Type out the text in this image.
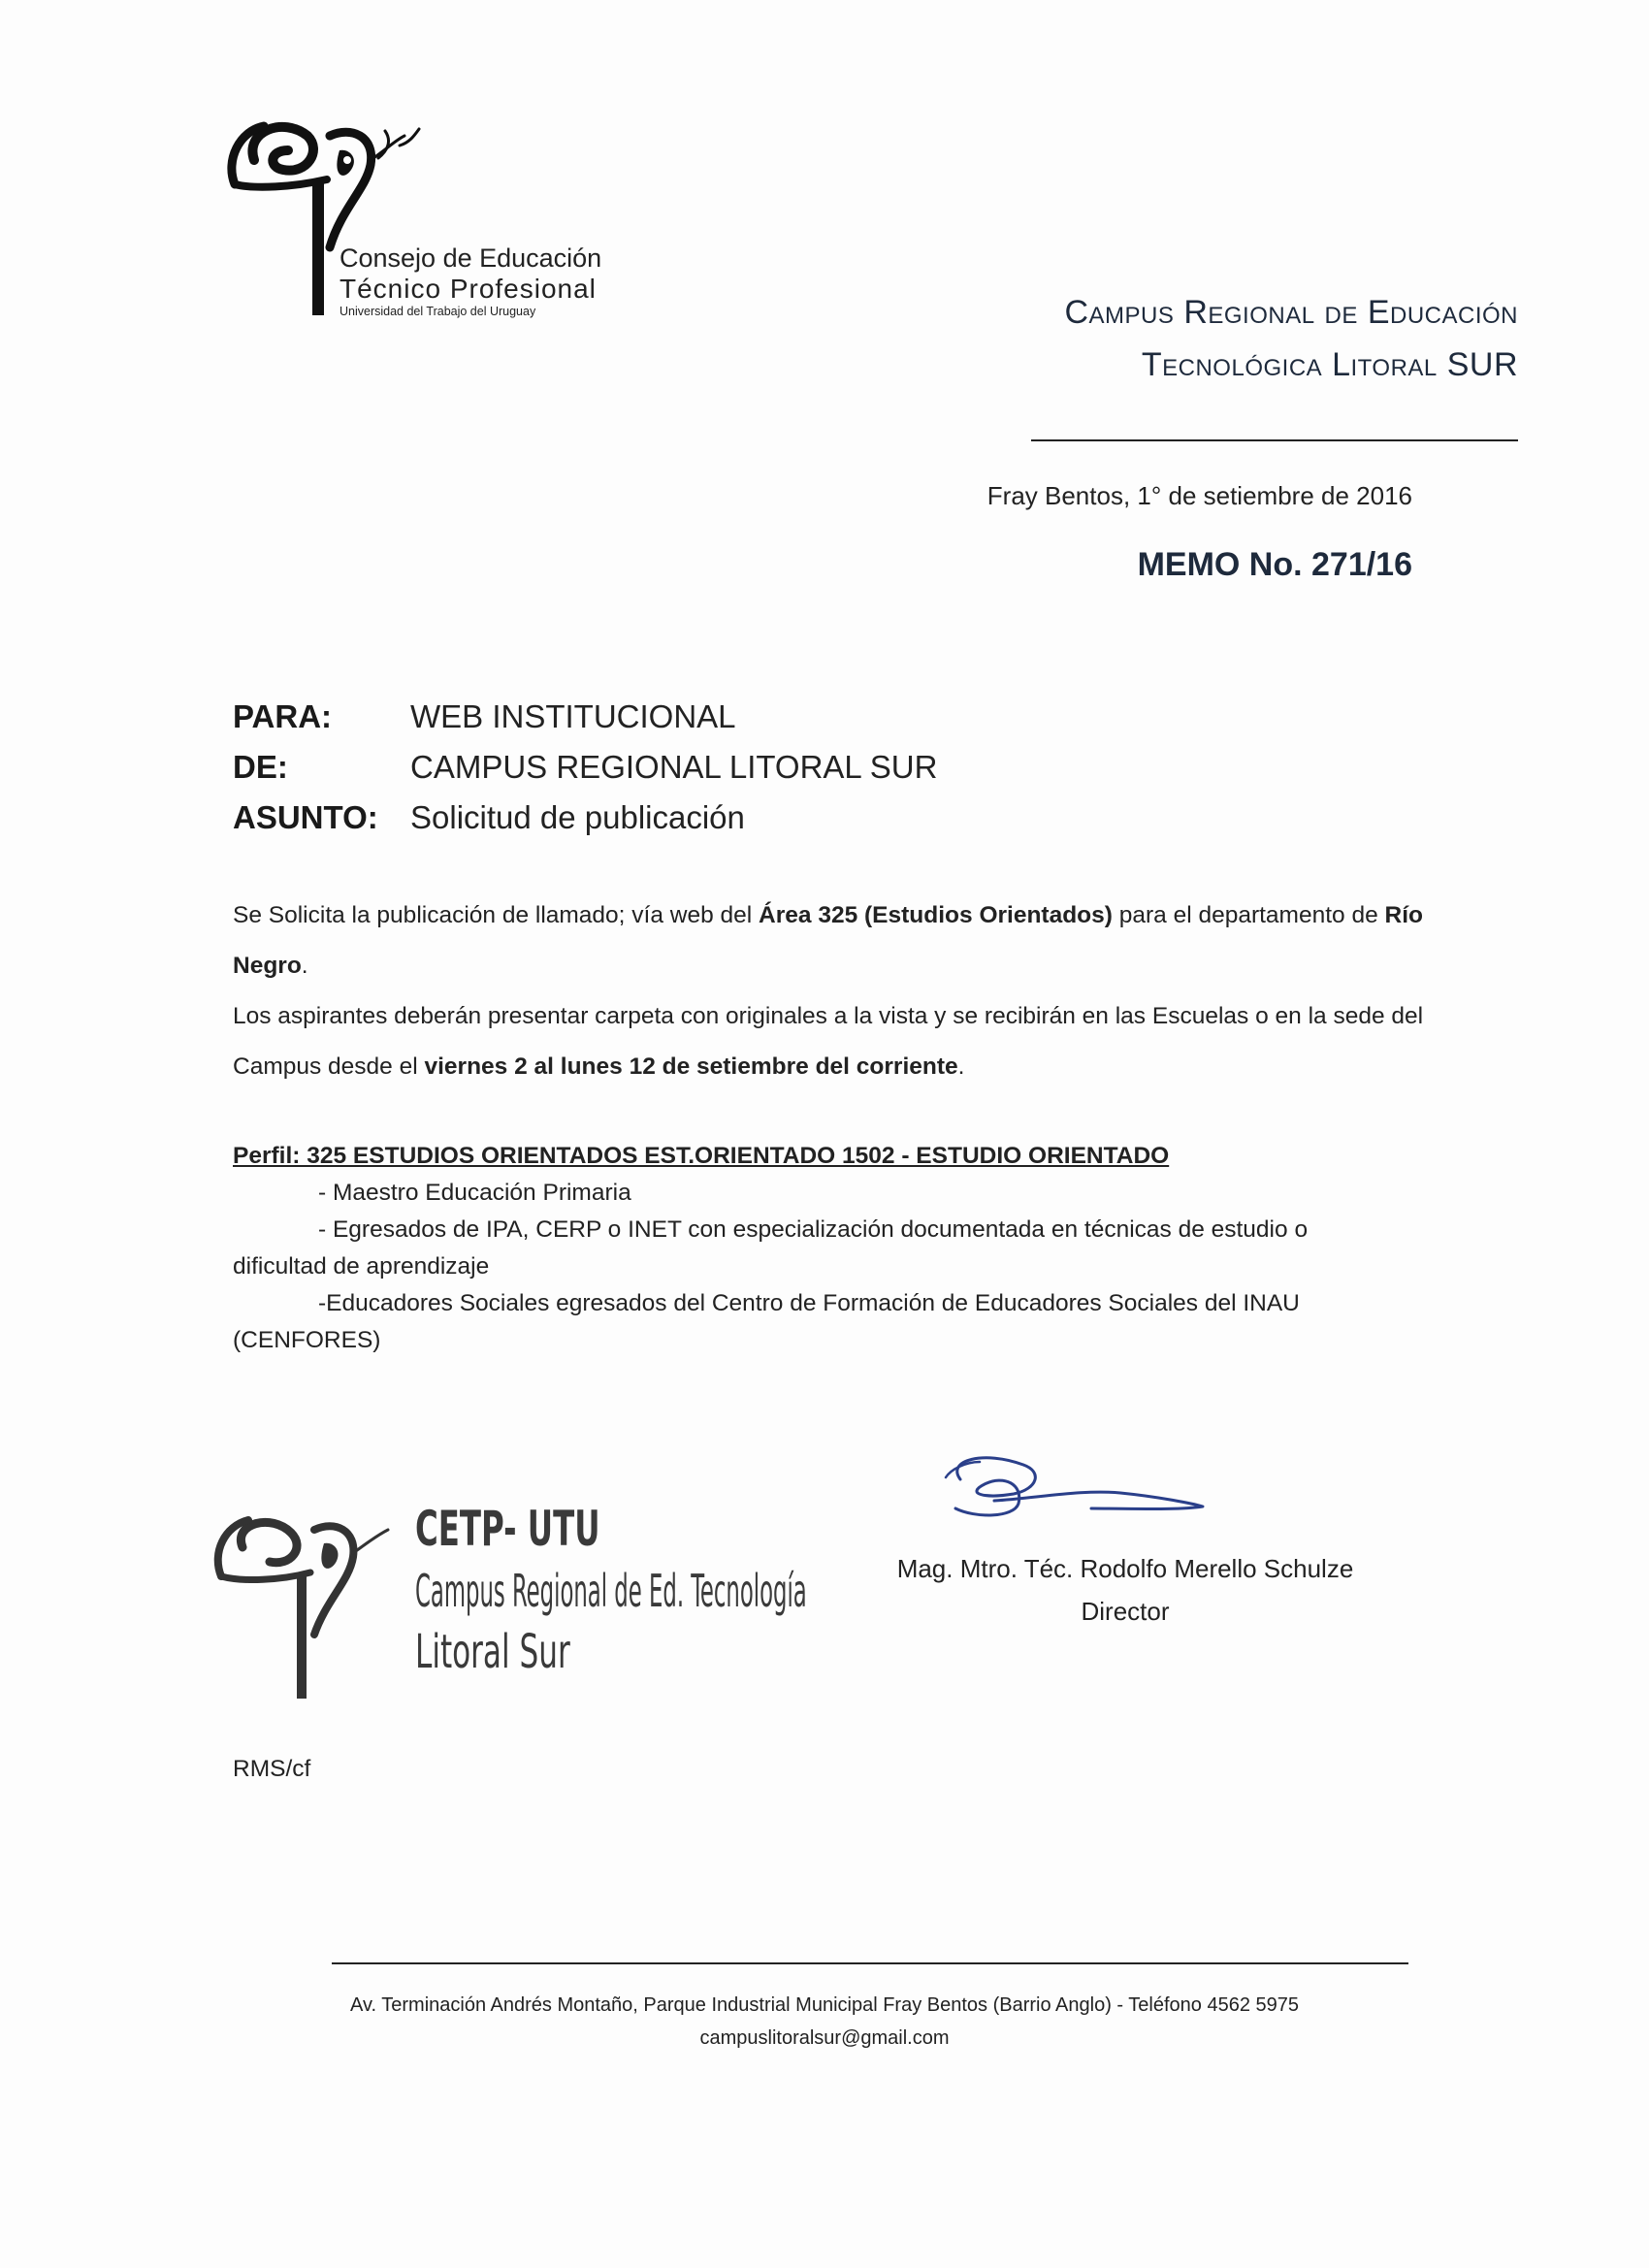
Consejo de Educación
Técnico Profesional
Universidad del Trabajo del Uruguay	Campus Regional de Educación
Tecnológica Litoral SUR
Fray Bentos, 1° de setiembre de 2016
MEMO No. 271/16
PARA: WEB INSTITUCIONAL
DE:	CAMPUS REGIONAL LITORAL SUR
ASUNTO: Solicitud de publicación
Se Solicita la publicación de llamado; vía web del Área 325 (Estudios Orientados) para el departamento de Río Negro.
Los aspirantes deberán presentar carpeta con originales a la vista y se recibirán en las Escuelas o en la sede del Campus desde el viernes 2 al lunes 12 de setiembre del corriente.
Perfil: 325 ESTUDIOS ORIENTADOS EST.ORIENTADO 1502 - ESTUDIO ORIENTADO
- Maestro Educación Primaria
- Egresados de IPA, CERP o INET con especialización documentada en técnicas de estudio o
dificultad de aprendizaje
-Educadores Sociales egresados del Centro de Formación de Educadores Sociales del INAU
(CENFORES)
CETP- UTU
Campus Regional de Ed. Tecnología
Litoral Sur
Mag. Mtro. Téc. Rodolfo Merello Schulze
Director
RMS/cf
Av. Terminación Andrés Montaño, Parque Industrial Municipal Fray Bentos (Barrio Anglo) - Teléfono 4562 5975
campuslitoralsur@gmail.com
